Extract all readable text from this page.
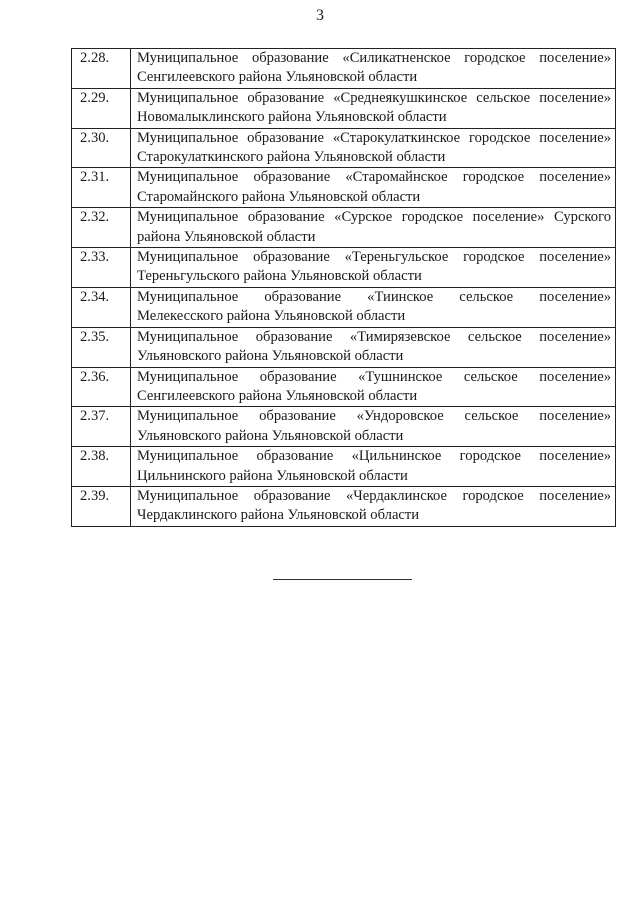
3
2.28.	Муниципальное образование «Силикатненское городское поселение» Сенгилеевского района Ульяновской области
2.29.	Муниципальное образование «Среднеякушкинское сельское поселение» Новомалыклинского района Ульяновской области
2.30.	Муниципальное образование «Старокулаткинское городское поселение» Старокулаткинского района Ульяновской области
2.31.	Муниципальное образование «Старомайнское городское поселение» Старомайнского района Ульяновской области
2.32.	Муниципальное образование «Сурское городское поселение» Сурского района Ульяновской области
2.33.	Муниципальное образование «Тереньгульское городское поселение» Тереньгульского района Ульяновской области
2.34.	Муниципальное образование «Тиинское сельское поселение» Мелекесского района Ульяновской области
2.35.	Муниципальное образование «Тимирязевское сельское поселение» Ульяновского района Ульяновской области
2.36.	Муниципальное образование «Тушнинское сельское поселение» Сенгилеевского района Ульяновской области
2.37.	Муниципальное образование «Ундоровское сельское поселение» Ульяновского района Ульяновской области
2.38.	Муниципальное образование «Цильнинское городское поселение» Цильнинского района Ульяновской области
2.39.	Муниципальное образование «Чердаклинское городское поселение» Чердаклинского района Ульяновской области
